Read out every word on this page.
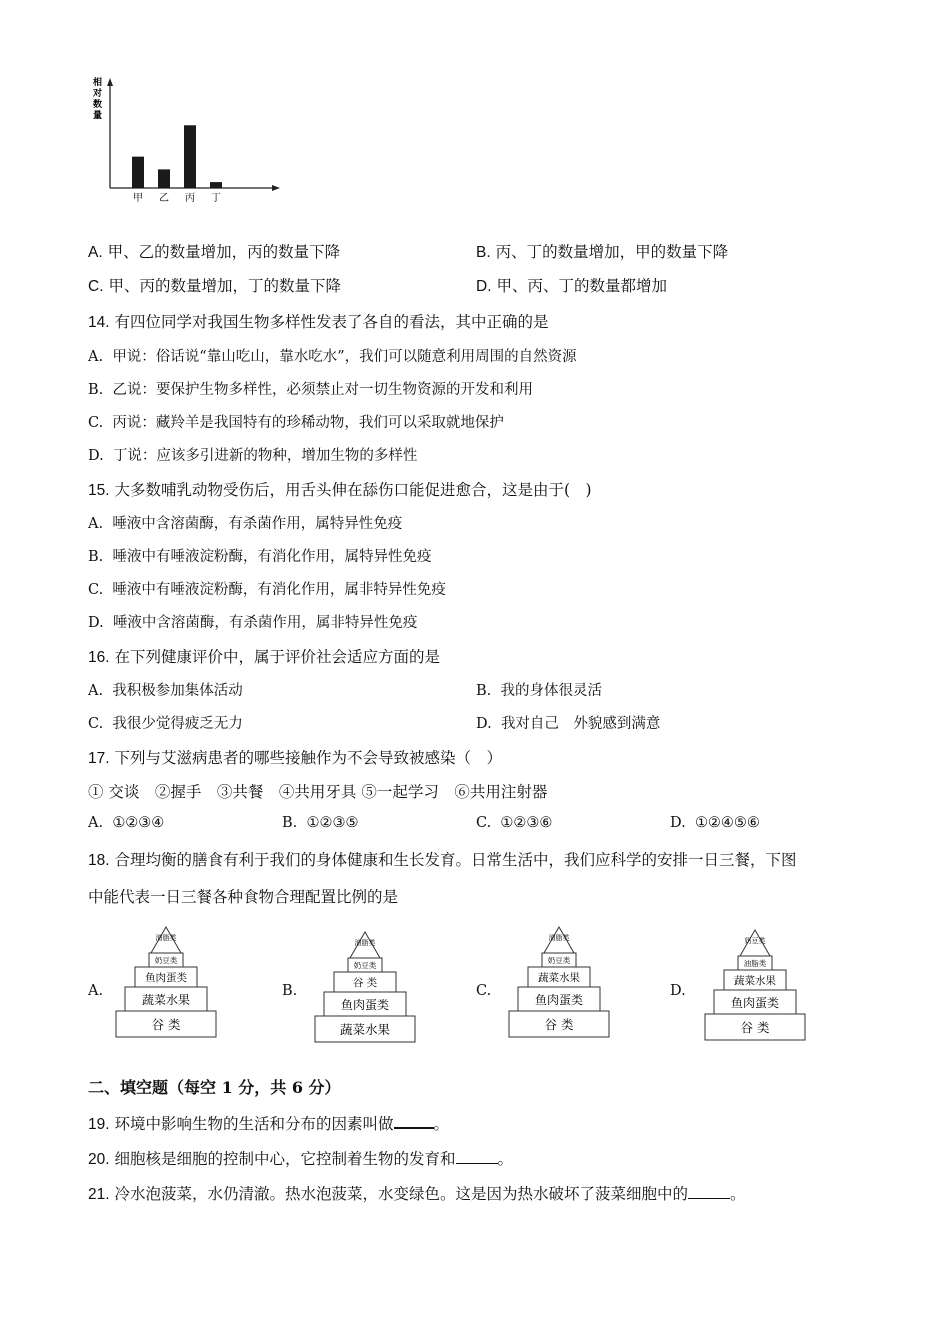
相对数量
甲 乙 丙 丁
A. 甲、乙的数量增加，丙的数量下降	B. 丙、丁的数量增加，甲的数量下降
C. 甲、丙的数量增加，丁的数量下降	D. 甲、丙、丁的数量都增加
14. 有四位同学对我国生物多样性发表了各自的看法，其中正确的是
A. 甲说：俗话说“靠山吃山，靠水吃水”，我们可以随意利用周围的自然资源
B. 乙说：要保护生物多样性，必须禁止对一切生物资源的开发和利用
C. 丙说：藏羚羊是我国特有的珍稀动物，我们可以采取就地保护
D. 丁说：应该多引进新的物种，增加生物的多样性
15. 大多数哺乳动物受伤后，用舌头伸在舔伤口能促进愈合，这是由于(　)
A. 唾液中含溶菌酶，有杀菌作用，属特异性免疫
B. 唾液中有唾液淀粉酶，有消化作用，属特异性免疫
C. 唾液中有唾液淀粉酶，有消化作用，属非特异性免疫
D. 唾液中含溶菌酶，有杀菌作用，属非特异性免疫
16. 在下列健康评价中，属于评价社会适应方面的是
A. 我积极参加集体活动	B. 我的身体很灵活
C. 我很少觉得疲乏无力	D. 我对自己　外貌感到满意
17. 下列与艾滋病患者的哪些接触作为不会导致被感染（　）
① 交谈　②握手　③共餐　④共用牙具 ⑤一起学习　⑥共用注射器
A. ①②③④	B. ①②③⑤	C. ①②③⑥	D. ①②④⑤⑥
18. 合理均衡的膳食有利于我们的身体健康和生长发育。日常生活中，我们应科学的安排一日三餐，下图
中能代表一日三餐各种食物合理配置比例的是
A.
油脂类
奶豆类
鱼肉蛋类
蔬菜水果
谷 类
B.
油脂类
奶豆类
谷 类
鱼肉蛋类
蔬菜水果
C.
油脂类
奶豆类
蔬菜水果
鱼肉蛋类
谷 类
D.
奶豆类
油脂类
蔬菜水果
鱼肉蛋类
谷 类
二、填空题（每空 1 分，共 6 分）
19. 环境中影响生物的生活和分布的因素叫做	。
20. 细胞核是细胞的控制中心，它控制着生物的发育和	。
21. 冷水泡菠菜，水仍清澈。热水泡菠菜，水变绿色。这是因为热水破坏了菠菜细胞中的	。
